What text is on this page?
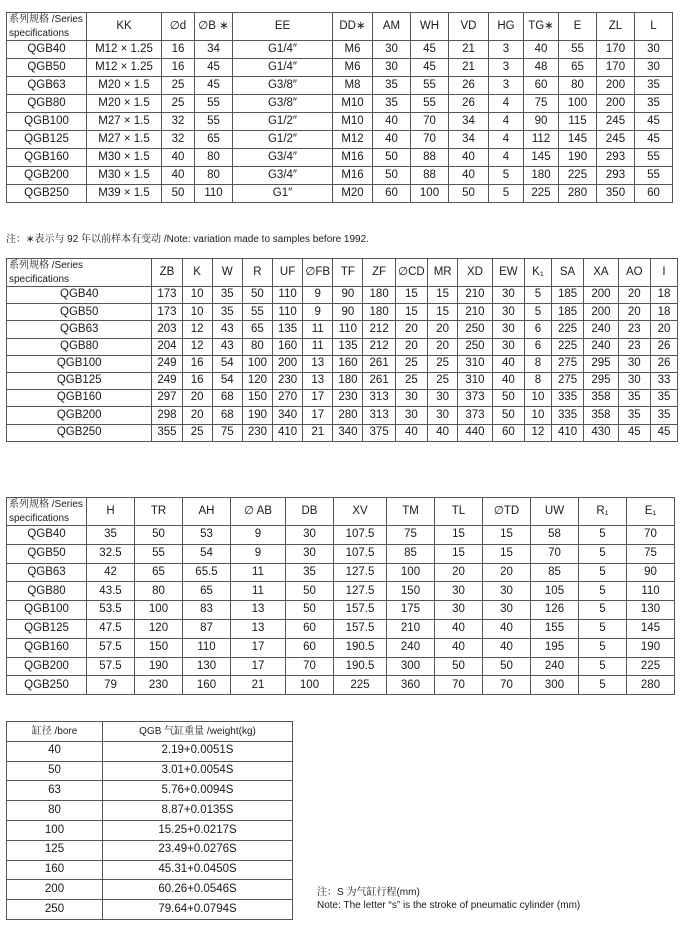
系列规格 /Series
specifications	KK	∅d	∅B ∗	EE	DD∗	AM	WH	VD	HG	TG∗	E	ZL	L
QGB40	M12 × 1.25	16	34	G1/4″	M6	30	45	21	3	40	55	170	30
QGB50	M12 × 1.25	16	45	G1/4″	M6	30	45	21	3	48	65	170	30
QGB63	M20 × 1.5	25	45	G3/8″	M8	35	55	26	3	60	80	200	35
QGB80	M20 × 1.5	25	55	G3/8″	M10	35	55	26	4	75	100	200	35
QGB100	M27 × 1.5	32	55	G1/2″	M10	40	70	34	4	90	115	245	45
QGB125	M27 × 1.5	32	65	G1/2″	M12	40	70	34	4	112	145	245	45
QGB160	M30 × 1.5	40	80	G3/4″	M16	50	88	40	4	145	190	293	55
QGB200	M30 × 1.5	40	80	G3/4″	M16	50	88	40	5	180	225	293	55
QGB250	M39 × 1.5	50	110	G1″	M20	60	100	50	5	225	280	350	60
注：∗表示与 92 年以前样本有变动 /Note: variation made to samples before 1992.
系列规格 /Series
specifications	ZB	K	W	R	UF	∅FB	TF	ZF	∅CD	MR	XD	EW	K₁	SA	XA	AO	I
QGB40	173	10	35	50	110	9	90	180	15	15	210	30	5	185	200	20	18
QGB50	173	10	35	55	110	9	90	180	15	15	210	30	5	185	200	20	18
QGB63	203	12	43	65	135	11	110	212	20	20	250	30	6	225	240	23	20
QGB80	204	12	43	80	160	11	135	212	20	20	250	30	6	225	240	23	26
QGB100	249	16	54	100	200	13	160	261	25	25	310	40	8	275	295	30	26
QGB125	249	16	54	120	230	13	180	261	25	25	310	40	8	275	295	30	33
QGB160	297	20	68	150	270	17	230	313	30	30	373	50	10	335	358	35	35
QGB200	298	20	68	190	340	17	280	313	30	30	373	50	10	335	358	35	35
QGB250	355	25	75	230	410	21	340	375	40	40	440	60	12	410	430	45	45
系列规格 /Series
specifications	H	TR	AH	∅ AB	DB	XV	TM	TL	∅TD	UW	R₁	E₁
QGB40	35	50	53	9	30	107.5	75	15	15	58	5	70
QGB50	32.5	55	54	9	30	107.5	85	15	15	70	5	75
QGB63	42	65	65.5	11	35	127.5	100	20	20	85	5	90
QGB80	43.5	80	65	11	50	127.5	150	30	30	105	5	110
QGB100	53.5	100	83	13	50	157.5	175	30	30	126	5	130
QGB125	47.5	120	87	13	60	157.5	210	40	40	155	5	145
QGB160	57.5	150	110	17	60	190.5	240	40	40	195	5	190
QGB200	57.5	190	130	17	70	190.5	300	50	50	240	5	225
QGB250	79	230	160	21	100	225	360	70	70	300	5	280
缸径 /bore	QGB 气缸重量 /weight(kg)
40	2.19+0.0051S
50	3.01+0.0054S
63	5.76+0.0094S
80	8.87+0.0135S
100	15.25+0.0217S
125	23.49+0.0276S
160	45.31+0.0450S
200	60.26+0.0546S
250	79.64+0.0794S
注：S 为气缸行程(mm)
Note: The letter “s” is the stroke of pneumatic cylinder (mm)
